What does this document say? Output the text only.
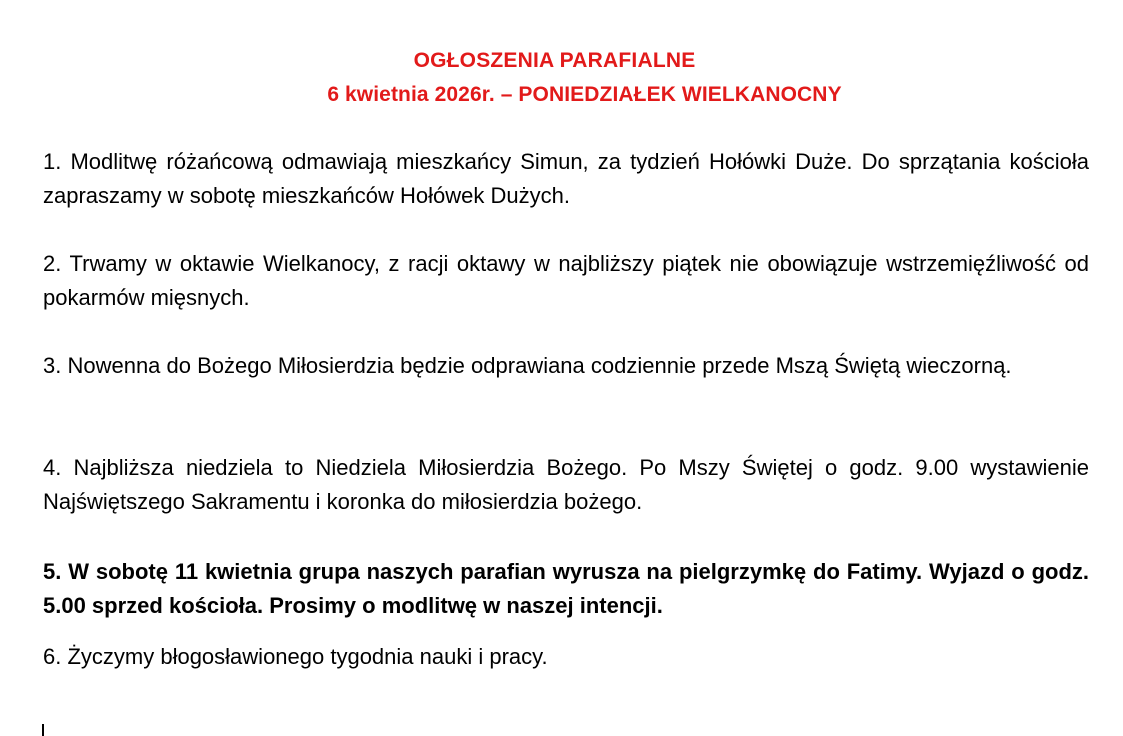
OGŁOSZENIA PARAFIALNE
6 kwietnia 2026r. – PONIEDZIAŁEK WIELKANOCNY
1. Modlitwę różańcową odmawiają mieszkańcy Simun, za tydzień Hołówki Duże. Do sprzątania kościoła zapraszamy w sobotę mieszkańców Hołówek Dużych.
2. Trwamy w oktawie Wielkanocy, z racji oktawy w najbliższy piątek nie obowiązuje wstrzemięźliwość od pokarmów mięsnych.
3. Nowenna do Bożego Miłosierdzia będzie odprawiana codziennie przede Mszą Świętą wieczorną.
4. Najbliższa niedziela to Niedziela Miłosierdzia Bożego. Po Mszy Świętej o godz. 9.00 wystawienie Najświętszego Sakramentu i koronka do miłosierdzia bożego.
5. W sobotę 11 kwietnia grupa naszych parafian wyrusza na pielgrzymkę do Fatimy. Wyjazd o godz. 5.00 sprzed kościoła. Prosimy o modlitwę w naszej intencji.
6. Życzymy błogosławionego tygodnia nauki i pracy.
